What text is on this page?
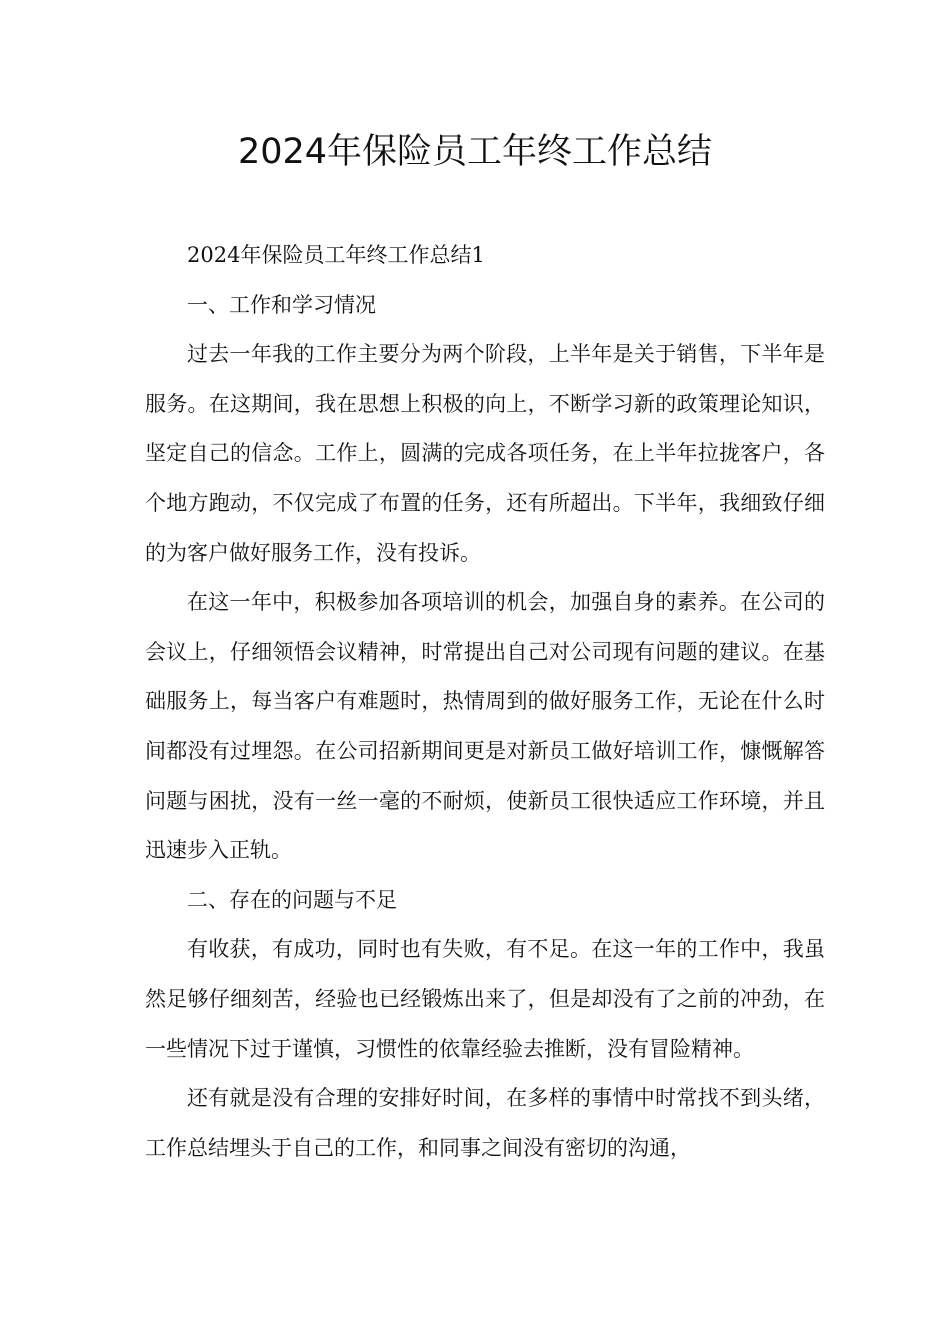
2024年保险员工年终工作总结

2024年保险员工年终工作总结1

一、工作和学习情况

过去一年我的工作主要分为两个阶段，上半年是关于销售，下半年是服务。在这期间，我在思想上积极的向上，不断学习新的政策理论知识，坚定自己的信念。工作上，圆满的完成各项任务，在上半年拉拢客户，各个地方跑动，不仅完成了布置的任务，还有所超出。下半年，我细致仔细的为客户做好服务工作，没有投诉。

在这一年中，积极参加各项培训的机会，加强自身的素养。在公司的会议上，仔细领悟会议精神，时常提出自己对公司现有问题的建议。在基础服务上，每当客户有难题时，热情周到的做好服务工作，无论在什么时间都没有过埋怨。在公司招新期间更是对新员工做好培训工作，慷慨解答问题与困扰，没有一丝一毫的不耐烦，使新员工很快适应工作环境，并且迅速步入正轨。

二、存在的问题与不足

有收获，有成功，同时也有失败，有不足。在这一年的工作中，我虽然足够仔细刻苦，经验也已经锻炼出来了，但是却没有了之前的冲劲，在一些情况下过于谨慎，习惯性的依靠经验去推断，没有冒险精神。

还有就是没有合理的安排好时间，在多样的事情中时常找不到头绪，工作总结埋头于自己的工作，和同事之间没有密切的沟通，
